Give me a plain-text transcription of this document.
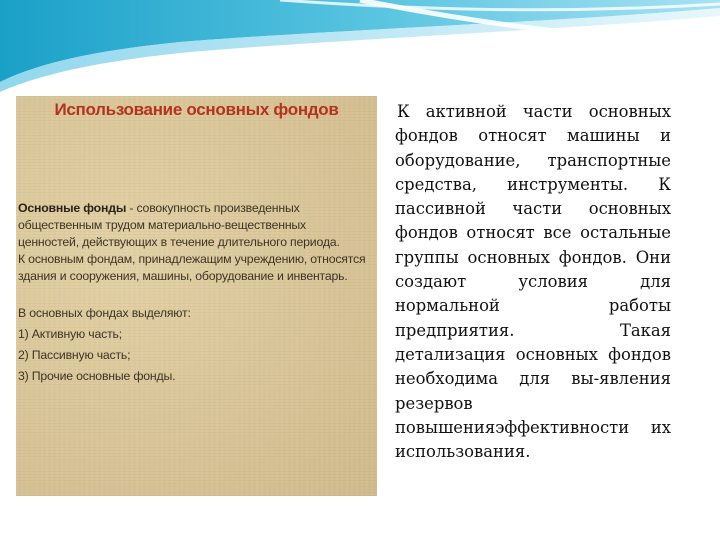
Использование основных фондов

Основные фонды - совокупность произведенных общественным трудом материально-вещественных ценностей, действующих в течение длительного периода.

К основным фондам, принадлежащим учреждению, относятся здания и сооружения, машины, оборудование и инвентарь.

В основных фондах выделяют:

1) Активную часть;

2) Пассивную часть;

3) Прочие основные фонды.

К активной части основных фондов относят машины и оборудование, транспортные средства, инструменты. К пассивной части основных фондов относят все остальные группы основных фондов. Они создают условия для нормальной работы предприятия. Такая детализация основных фондов необходима для вы-явления резервов повышенияэффективности их использования.
